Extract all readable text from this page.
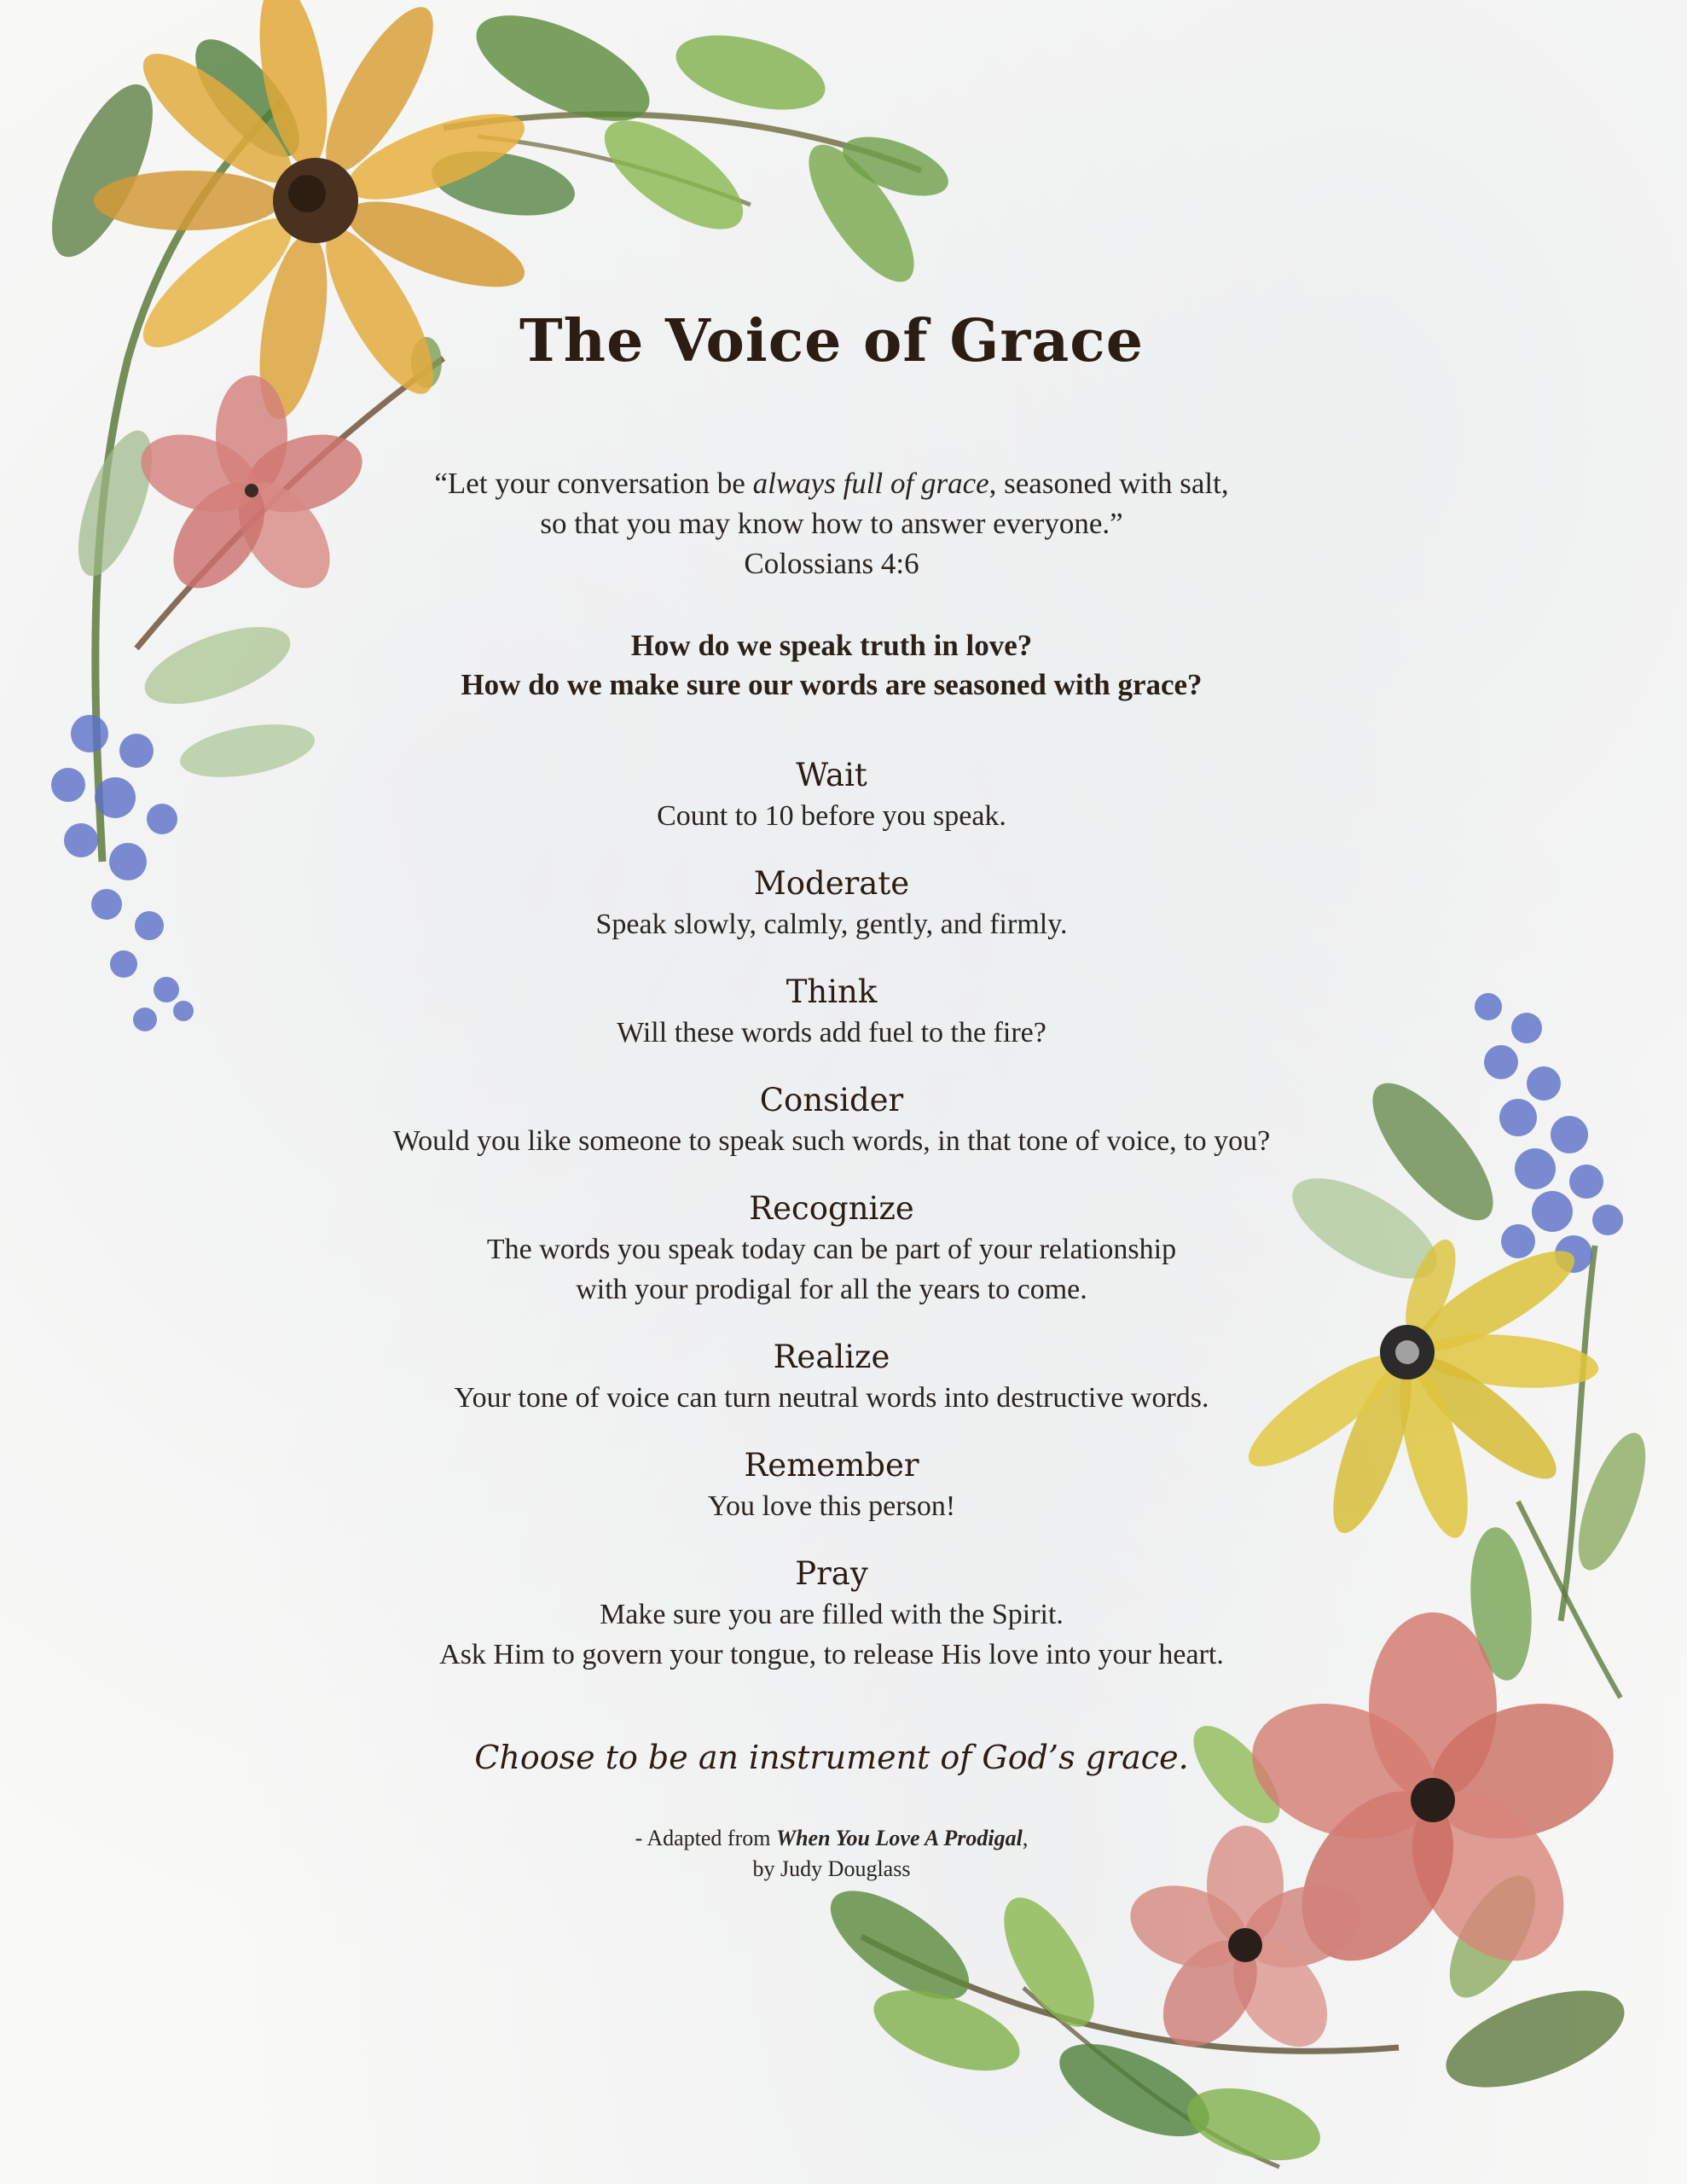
The Voice of Grace
“Let your conversation be always full of grace, seasoned with salt,
so that you may know how to answer everyone.”
Colossians 4:6
How do we speak truth in love?
How do we make sure our words are seasoned with grace?
Wait
Count to 10 before you speak.
Moderate
Speak slowly, calmly, gently, and firmly.
Think
Will these words add fuel to the fire?
Consider
Would you like someone to speak such words, in that tone of voice, to you?
Recognize
The words you speak today can be part of your relationship
with your prodigal for all the years to come.
Realize
Your tone of voice can turn neutral words into destructive words.
Remember
You love this person!
Pray
Make sure you are filled with the Spirit.
Ask Him to govern your tongue, to release His love into your heart.
Choose to be an instrument of God’s grace.
- Adapted from When You Love A Prodigal,
by Judy Douglass
